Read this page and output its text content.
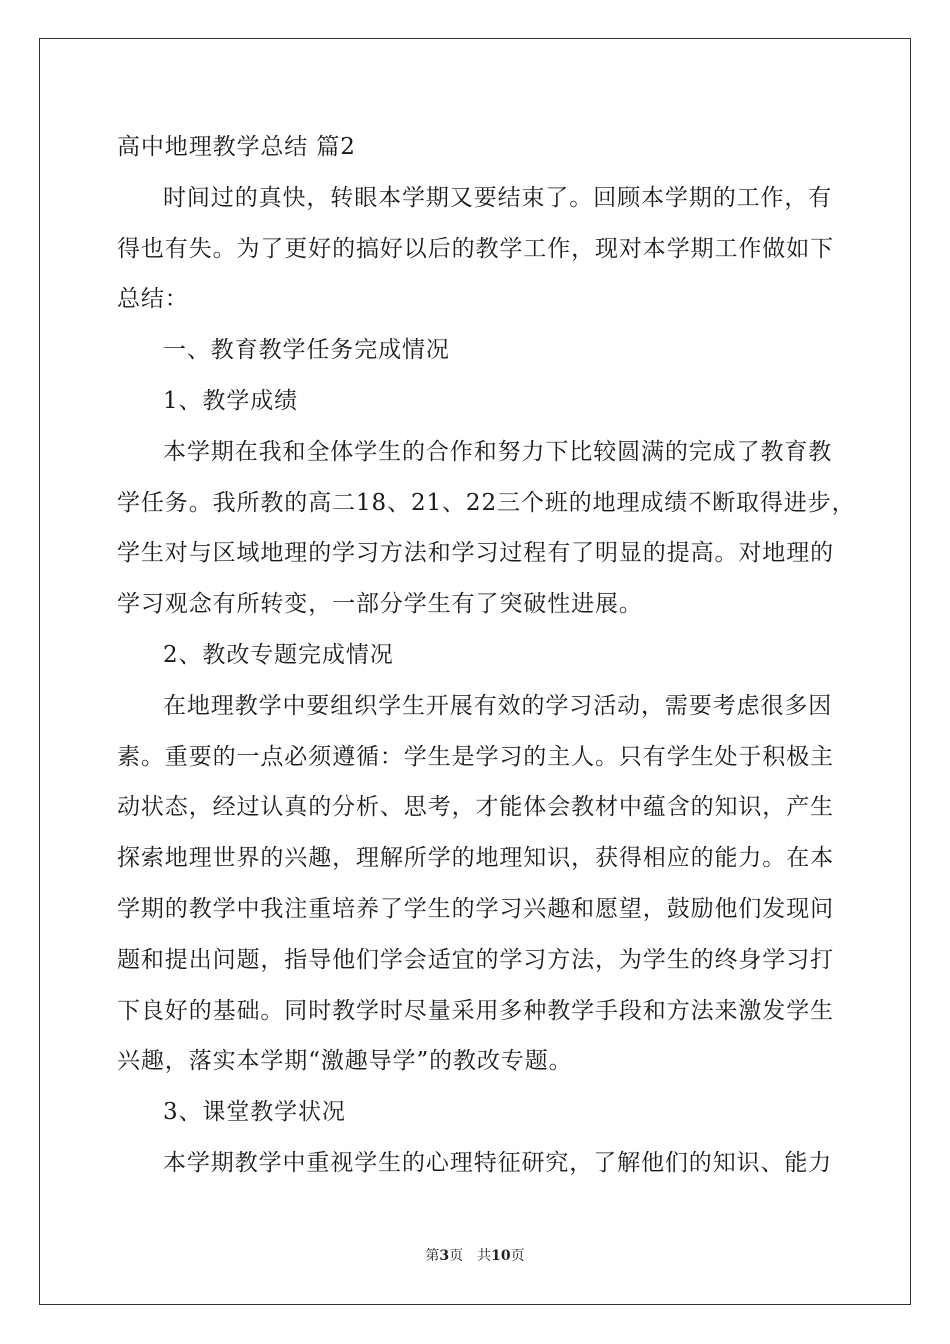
高中地理教学总结 篇2
时间过的真快，转眼本学期又要结束了。回顾本学期的工作，有
得也有失。为了更好的搞好以后的教学工作，现对本学期工作做如下
总结：
一、教育教学任务完成情况
1、教学成绩
本学期在我和全体学生的合作和努力下比较圆满的完成了教育教
学任务。我所教的高二18、21、22三个班的地理成绩不断取得进步，
学生对与区域地理的学习方法和学习过程有了明显的提高。对地理的
学习观念有所转变，一部分学生有了突破性进展。
2、教改专题完成情况
在地理教学中要组织学生开展有效的学习活动，需要考虑很多因
素。重要的一点必须遵循：学生是学习的主人。只有学生处于积极主
动状态，经过认真的分析、思考，才能体会教材中蕴含的知识，产生
探索地理世界的兴趣，理解所学的地理知识，获得相应的能力。在本
学期的教学中我注重培养了学生的学习兴趣和愿望，鼓励他们发现问
题和提出问题，指导他们学会适宜的学习方法，为学生的终身学习打
下良好的基础。同时教学时尽量采用多种教学手段和方法来激发学生
兴趣，落实本学期“激趣导学”的教改专题。
3、课堂教学状况
本学期教学中重视学生的心理特征研究，了解他们的知识、能力
第3页　共10页
